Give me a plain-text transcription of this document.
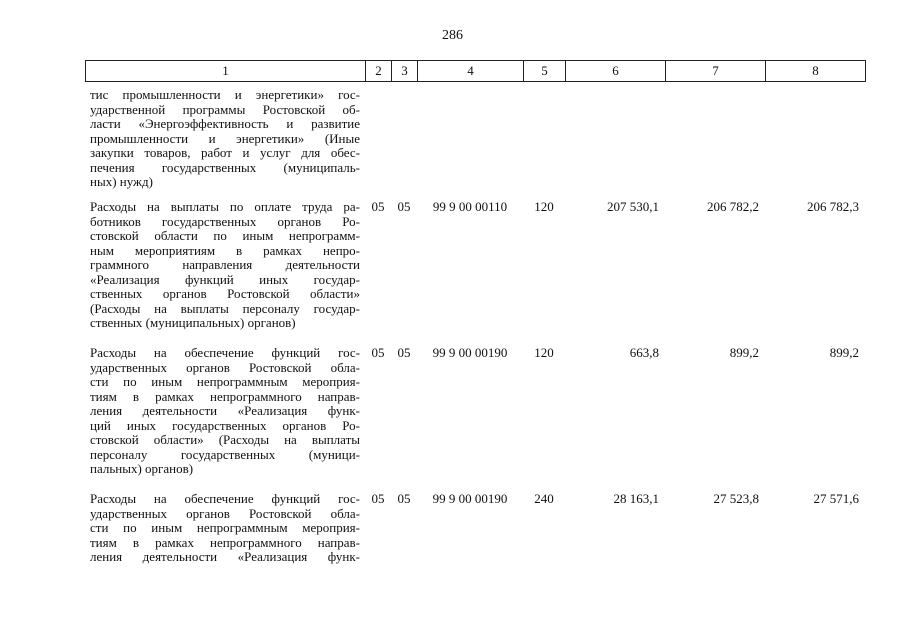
286
1	2	3	4	5	6	7	8
тис промышленности и энергетики» гос-
ударственной программы Ростовской об-
ласти «Энергоэффективность и развитие
промышленности и энергетики» (Иные
закупки товаров, работ и услуг для обес-
печения государственных (муниципаль-
ных) нужд)
Расходы на выплаты по оплате труда ра-
ботников государственных органов Ро-
стовской области по иным непрограмм-
ным мероприятиям в рамках непро-
граммного направления деятельности
«Реализация функций иных государ-
ственных органов Ростовской области»
(Расходы на выплаты персоналу государ-
ственных (муниципальных) органов)
05	05	99 9 00 00110	120	207 530,1	206 782,2	206 782,3
Расходы на обеспечение функций гос-
ударственных органов Ростовской обла-
сти по иным непрограммным мероприя-
тиям в рамках непрограммного направ-
ления деятельности «Реализация функ-
ций иных государственных органов Ро-
стовской области» (Расходы на выплаты
персоналу государственных (муници-
пальных) органов)
05	05	99 9 00 00190	120	663,8	899,2	899,2
Расходы на обеспечение функций гос-
ударственных органов Ростовской обла-
сти по иным непрограммным мероприя-
тиям в рамках непрограммного направ-
ления деятельности «Реализация функ-
05	05	99 9 00 00190	240	28 163,1	27 523,8	27 571,6
